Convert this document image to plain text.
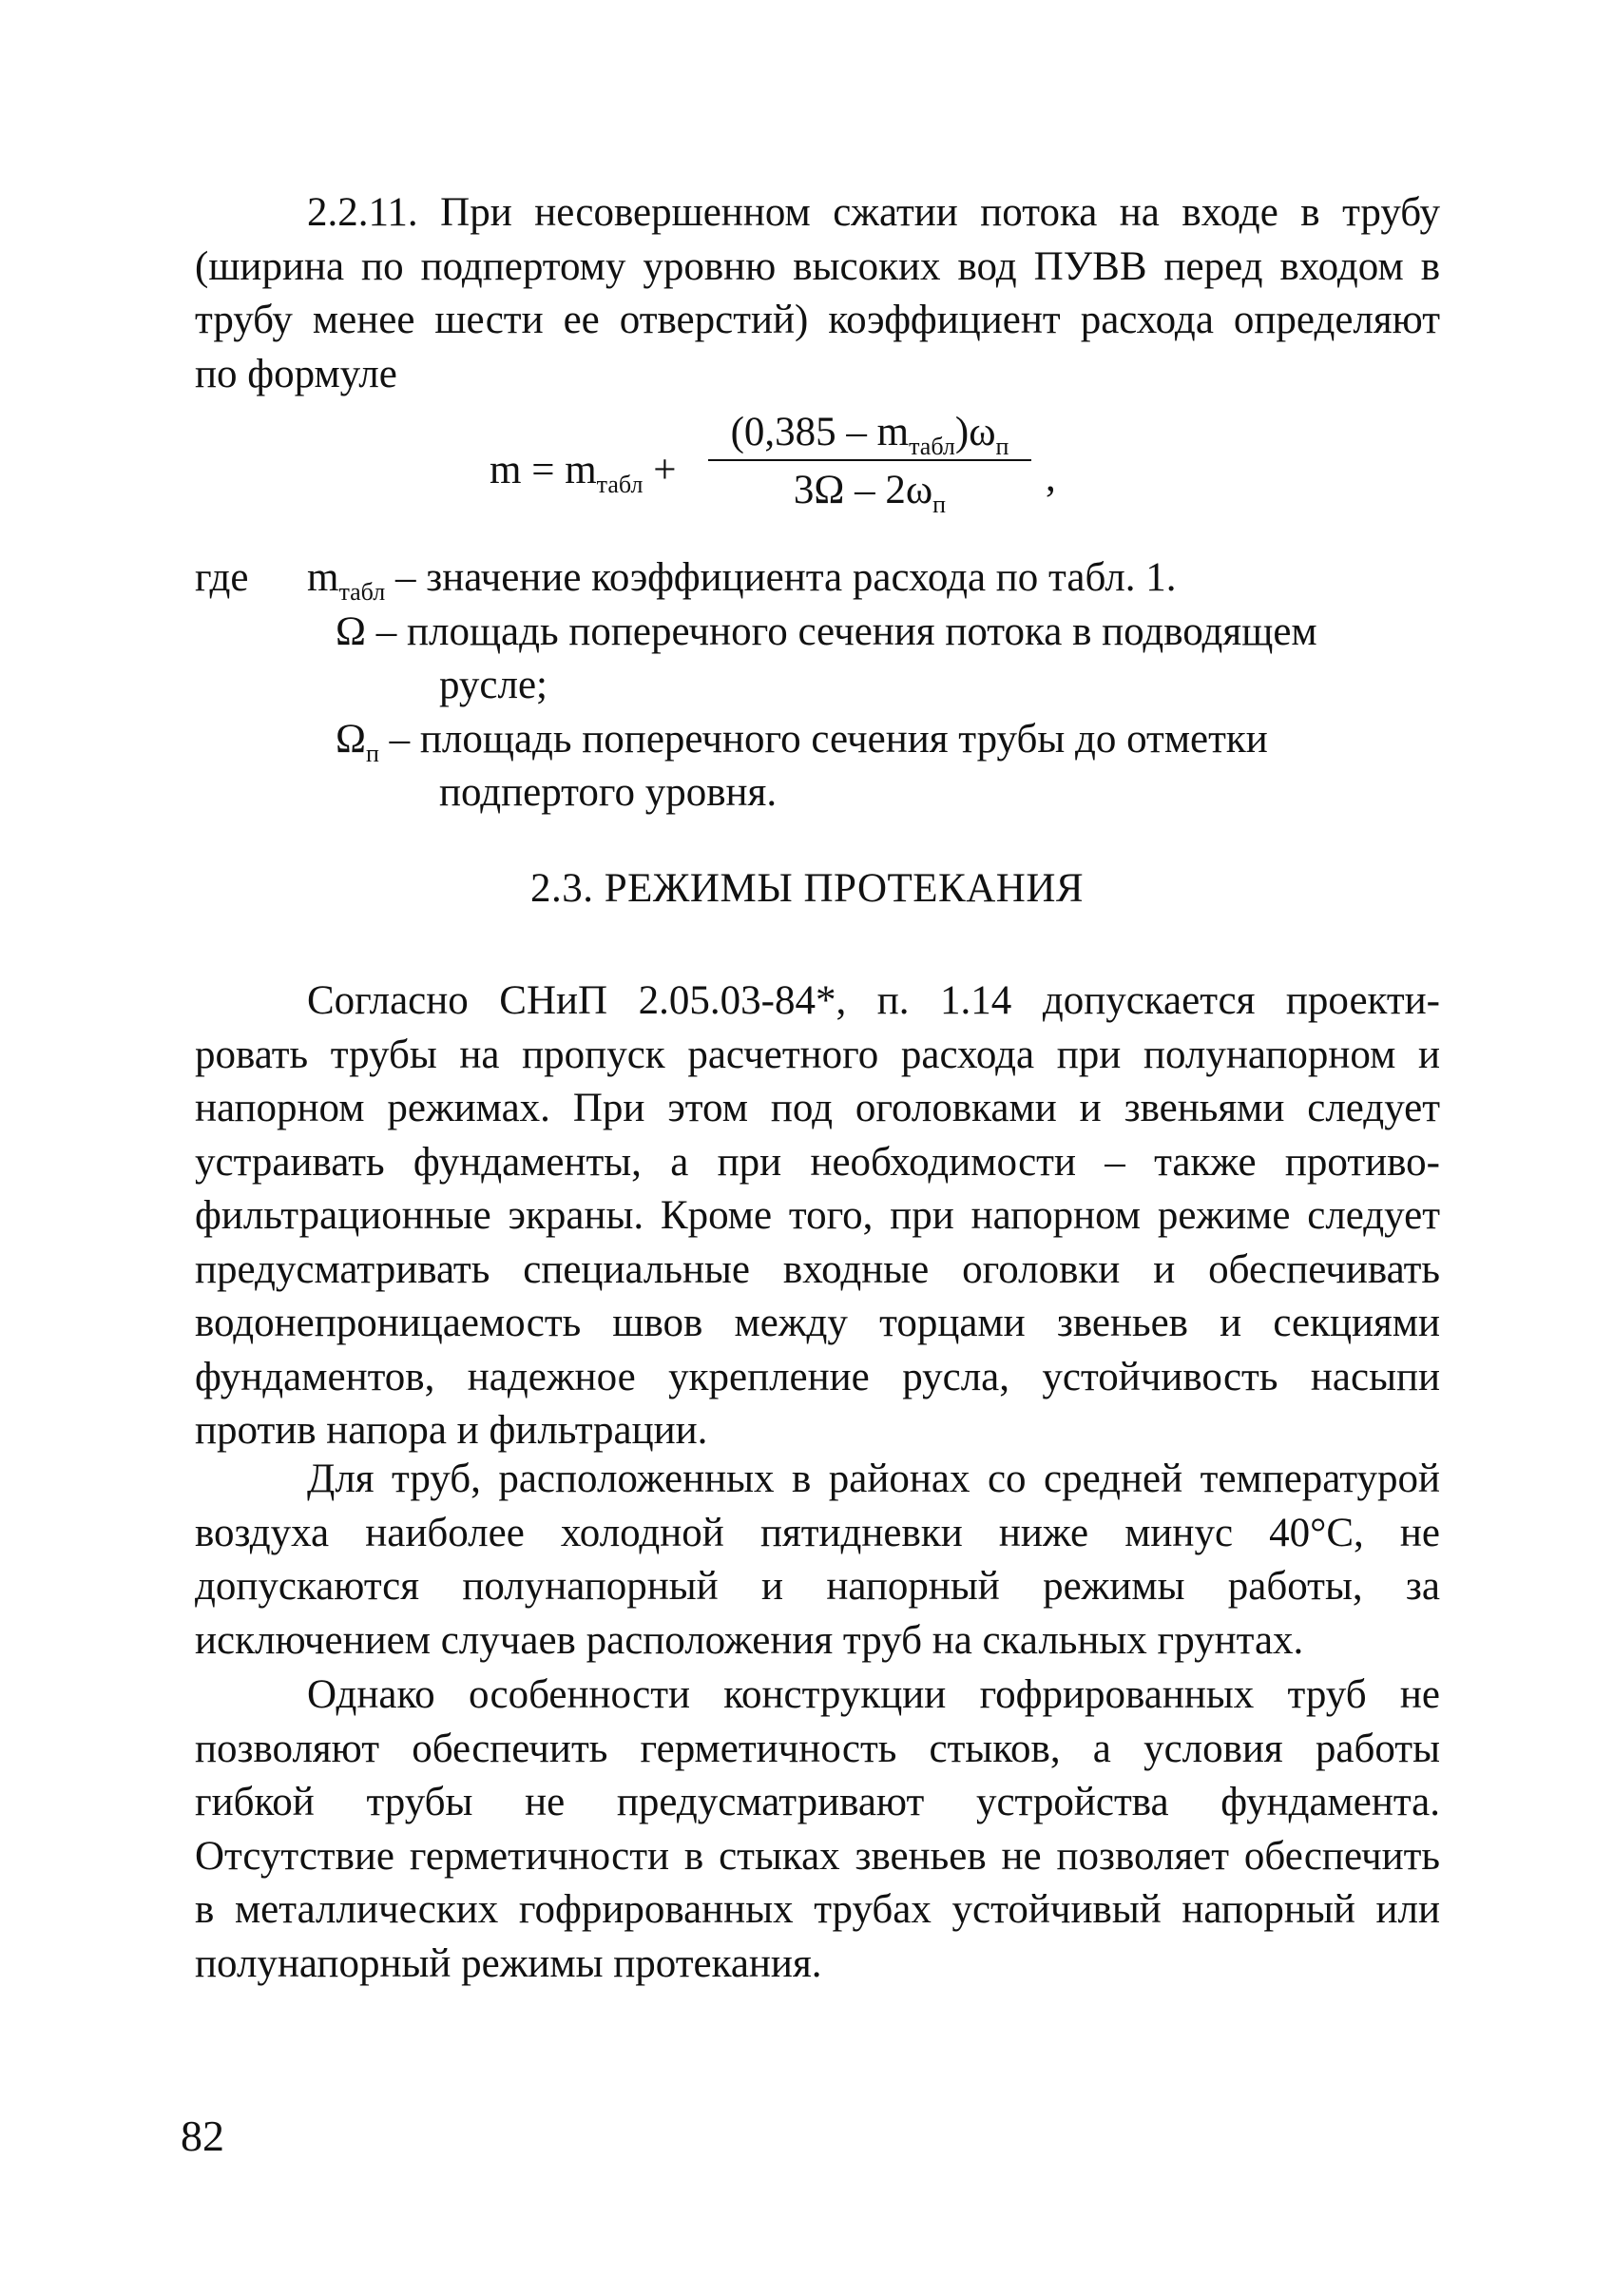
2.2.11. При несовершенном сжатии потока на входе в трубу
(ширина по подпертому уровню высоких вод ПУВВ перед входом в
трубу менее шести ее отверстий) коэффициент расхода определяют
по формуле
$m = m_{табл}$ +
$(0,385 - m_{табл})\omega_п$
$3\Omega - 2\omega_п$
,
где $m_{табл}$ – значение коэффициента расхода по табл. 1.
Ω – площадь поперечного сечения потока в подводящем
русле;
$\Omega_п$ – площадь поперечного сечения трубы до отметки
подпертого уровня.
2.3. РЕЖИМЫ ПРОТЕКАНИЯ
Согласно СНиП 2.05.03-84*, п. 1.14 допускается проекти-
ровать трубы на пропуск расчетного расхода при полунапорном и
напорном режимах. При этом под оголовками и звеньями следует
устраивать фундаменты, а при необходимости – также противо-
фильтрационные экраны. Кроме того, при напорном режиме следует
предусматривать специальные входные оголовки и обеспечивать
водонепроницаемость швов между торцами звеньев и секциями
фундаментов, надежное укрепление русла, устойчивость насыпи
против напора и фильтрации.
Для труб, расположенных в районах со средней температурой
воздуха наиболее холодной пятидневки ниже минус 40°С, не
допускаются полунапорный и напорный режимы работы, за
исключением случаев расположения труб на скальных грунтах.
Однако особенности конструкции гофрированных труб не
позволяют обеспечить герметичность стыков, а условия работы
гибкой трубы не предусматривают устройства фундамента.
Отсутствие герметичности в стыках звеньев не позволяет обеспечить
в металлических гофрированных трубах устойчивый напорный или
полунапорный режимы протекания.
82
